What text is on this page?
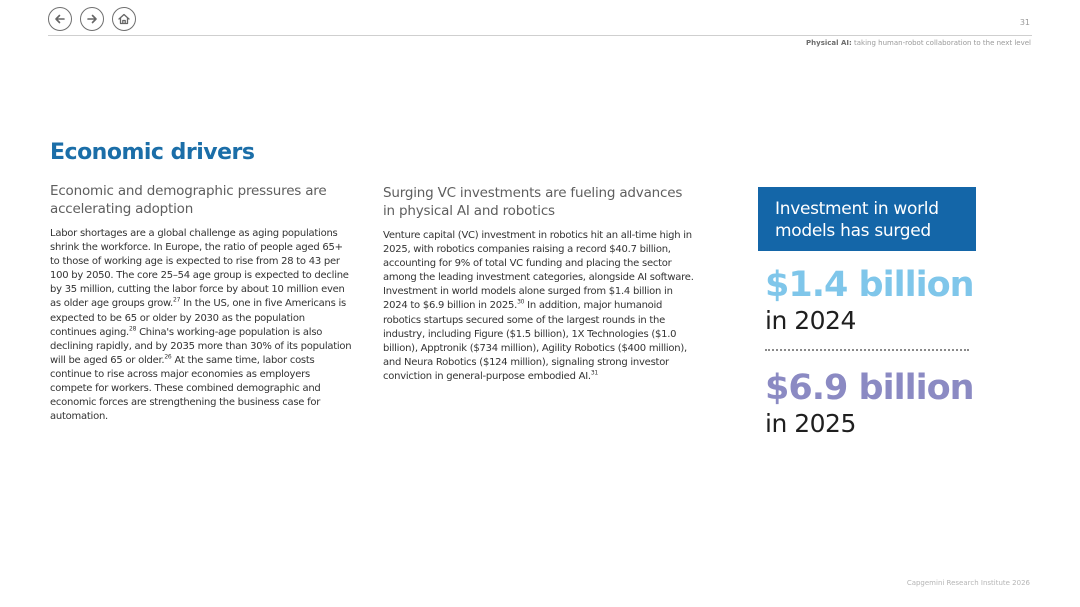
31
Physical AI: taking human-robot collaboration to the next level
Economic drivers
Economic and demographic pressures are accelerating adoption

Labor shortages are a global challenge as aging populations shrink the workforce. In Europe, the ratio of people aged 65+ to those of working age is expected to rise from 28 to 43 per 100 by 2050. The core 25–54 age group is expected to decline by 35 million, cutting the labor force by about 10 million even as older age groups grow.$^{27}$ In the US, one in five Americans is expected to be 65 or older by 2030 as the population continues aging.$^{28}$ China's working-age population is also declining rapidly, and by 2035 more than 30% of its population will be aged 65 or older.$^{26}$ At the same time, labor costs continue to rise across major economies as employers compete for workers. These combined demographic and economic forces are strengthening the business case for automation.

Surging VC investments are fueling advances in physical AI and robotics

Venture capital (VC) investment in robotics hit an all-time high in 2025, with robotics companies raising a record $40.7 billion, accounting for 9% of total VC funding and placing the sector among the leading investment categories, alongside AI software. Investment in world models alone surged from $1.4 billion in 2024 to $6.9 billion in 2025.30 In addition, major humanoid robotics startups secured some of the largest rounds in the industry, including Figure ($1.5 billion), 1X Technologies ($1.0 billion), Apptronik ($734 million), Agility Robotics ($400 million), and Neura Robotics ($124 million), signaling strong investor conviction in general-purpose embodied AI.$^{31}$

Investment in world models has surged
$1.4 billion
in 2024
$6.9 billion
in 2025
Capgemini Research Institute 2026
